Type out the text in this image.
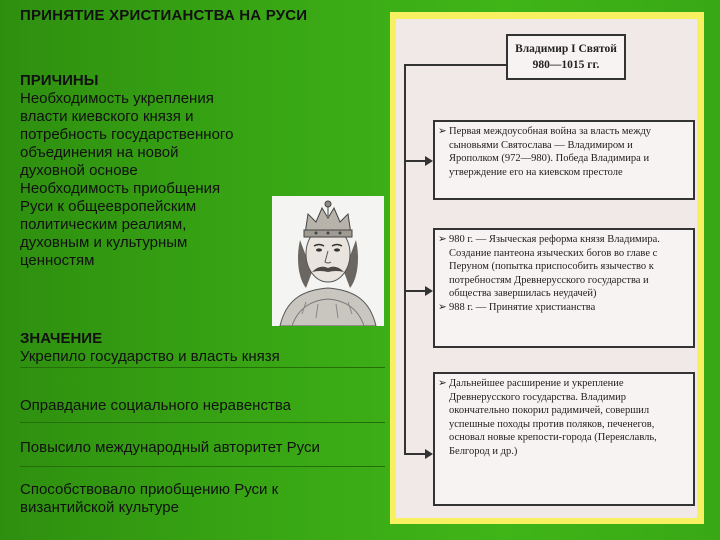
ПРИНЯТИЕ ХРИСТИАНСТВА НА РУСИ
ПРИЧИНЫ
Необходимость укрепления
власти киевского князя и
потребность государственного
объединения на новой
духовной основе
Необходимость приобщения
Руси к общеевропейским
политическим реалиям,
духовным и культурным
ценностям
ЗНАЧЕНИЕ
Укрепило государство и власть князя
Оправдание социального неравенства
Повысило международный авторитет Руси
Способствовало приобщению Руси к
византийской культуре
Владимир I Святой
980—1015 гг.
➢ Первая междоусобная война за власть между
сыновьями Святослава — Владимиром и
Ярополком (972—980). Победа Владимира и
утверждение его на киевском престоле
➢ 980 г. — Языческая реформа князя Владимира.
Создание пантеона языческих богов во главе с
Перуном (попытка приспособить язычество к
потребностям Древнерусского государства и
общества завершилась неудачей)
➢ 988 г. — Принятие христианства
➢ Дальнейшее расширение и укрепление
Древнерусского государства. Владимир
окончательно покорил радимичей, совершил
успешные походы против поляков, печенегов,
основал новые крепости-города (Переяславль,
Белгород и др.)
